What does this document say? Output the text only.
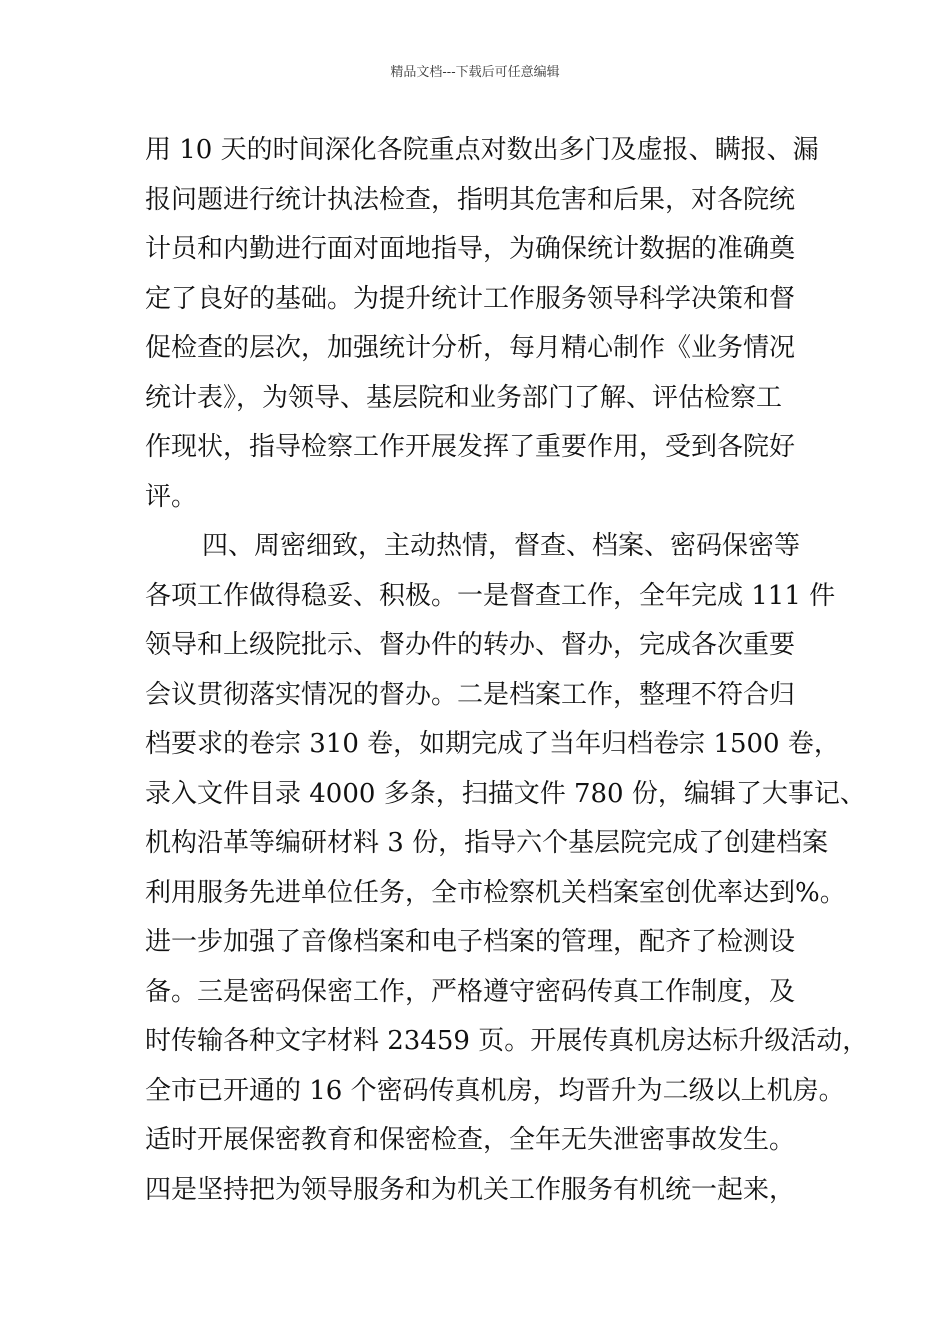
精品文档---下载后可任意编辑
用 10 天的时间深化各院重点对数出多门及虚报、瞒报、漏
报问题进行统计执法检查，指明其危害和后果，对各院统
计员和内勤进行面对面地指导，为确保统计数据的准确奠
定了良好的基础。为提升统计工作服务领导科学决策和督
促检查的层次，加强统计分析，每月精心制作《业务情况
统计表》，为领导、基层院和业务部门了解、评估检察工
作现状，指导检察工作开展发挥了重要作用，受到各院好
评。
四、周密细致，主动热情，督查、档案、密码保密等
各项工作做得稳妥、积极。一是督查工作，全年完成 111 件
领导和上级院批示、督办件的转办、督办，完成各次重要
会议贯彻落实情况的督办。二是档案工作，整理不符合归
档要求的卷宗 310 卷，如期完成了当年归档卷宗 1500 卷，
录入文件目录 4000 多条，扫描文件 780 份，编辑了大事记、
机构沿革等编研材料 3 份，指导六个基层院完成了创建档案
利用服务先进单位任务，全市检察机关档案室创优率达到%。
进一步加强了音像档案和电子档案的管理，配齐了检测设
备。三是密码保密工作，严格遵守密码传真工作制度，及
时传输各种文字材料 23459 页。开展传真机房达标升级活动，
全市已开通的 16 个密码传真机房，均晋升为二级以上机房。
适时开展保密教育和保密检查，全年无失泄密事故发生。
四是坚持把为领导服务和为机关工作服务有机统一起来，
